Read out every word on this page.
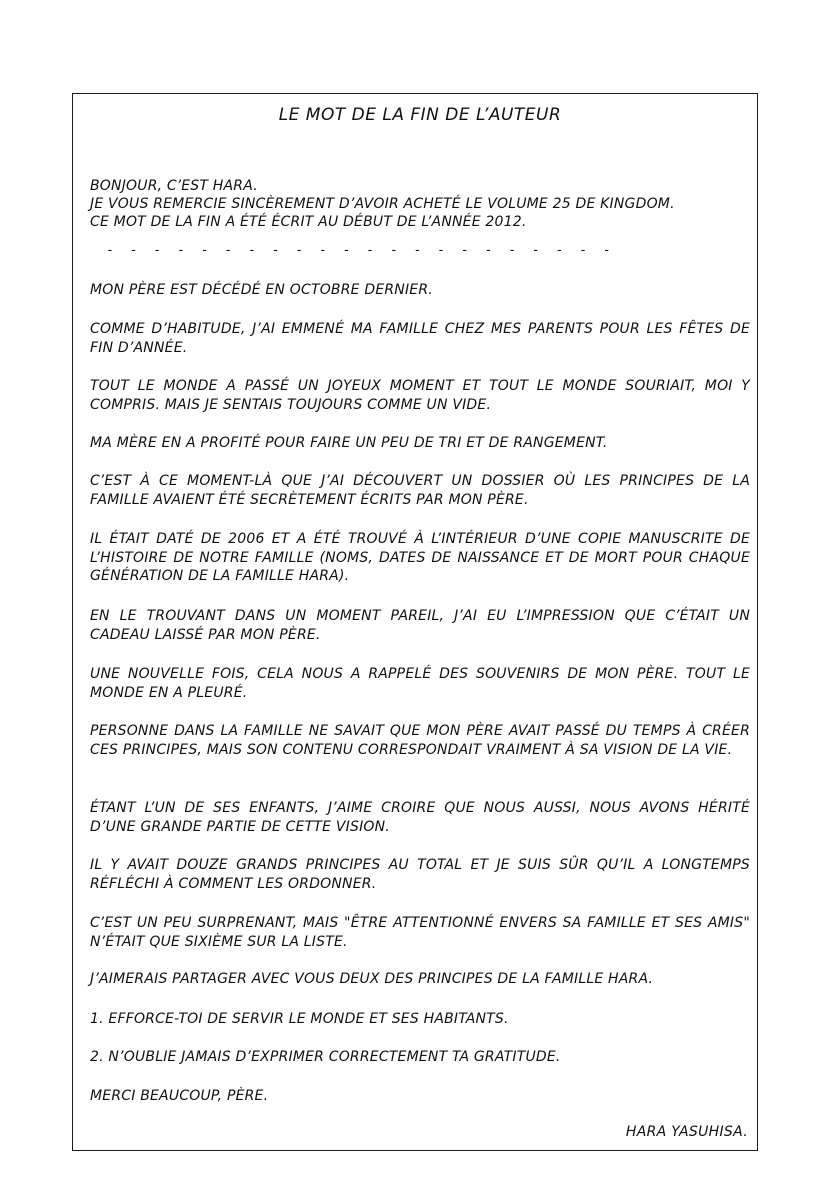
LE MOT DE LA FIN DE L’AUTEUR
BONJOUR, C’EST HARA.
JE VOUS REMERCIE SINCÈREMENT D’AVOIR ACHETÉ LE VOLUME 25 DE KINGDOM.
CE MOT DE LA FIN A ÉTÉ ÉCRIT AU DÉBUT DE L’ANNÉE 2012.
- - - - - - - - - - - - - - - - - - - - - -
MON PÈRE EST DÉCÉDÉ EN OCTOBRE DERNIER.
COMME D’HABITUDE, J’AI EMMENÉ MA FAMILLE CHEZ MES PARENTS POUR LES FÊTES DE FIN D’ANNÉE.
TOUT LE MONDE A PASSÉ UN JOYEUX MOMENT ET TOUT LE MONDE SOURIAIT, MOI Y COMPRIS. MAIS JE SENTAIS TOUJOURS COMME UN VIDE.
MA MÈRE EN A PROFITÉ POUR FAIRE UN PEU DE TRI ET DE RANGEMENT.
C’EST À CE MOMENT-LÀ QUE J’AI DÉCOUVERT UN DOSSIER OÙ LES PRINCIPES DE LA FAMILLE AVAIENT ÉTÉ SECRÈTEMENT ÉCRITS PAR MON PÈRE.
IL ÉTAIT DATÉ DE 2006 ET A ÉTÉ TROUVÉ À L’INTÉRIEUR D’UNE COPIE MANUSCRITE DE L’HISTOIRE DE NOTRE FAMILLE (NOMS, DATES DE NAISSANCE ET DE MORT POUR CHAQUE GÉNÉRATION DE LA FAMILLE HARA).
EN LE TROUVANT DANS UN MOMENT PAREIL, J’AI EU L’IMPRESSION QUE C’ÉTAIT UN CADEAU LAISSÉ PAR MON PÈRE.
UNE NOUVELLE FOIS, CELA NOUS A RAPPELÉ DES SOUVENIRS DE MON PÈRE. TOUT LE MONDE EN A PLEURÉ.
PERSONNE DANS LA FAMILLE NE SAVAIT QUE MON PÈRE AVAIT PASSÉ DU TEMPS À CRÉER CES PRINCIPES, MAIS SON CONTENU CORRESPONDAIT VRAIMENT À SA VISION DE LA VIE.
ÉTANT L’UN DE SES ENFANTS, J’AIME CROIRE QUE NOUS AUSSI, NOUS AVONS HÉRITÉ D’UNE GRANDE PARTIE DE CETTE VISION.
IL Y AVAIT DOUZE GRANDS PRINCIPES AU TOTAL ET JE SUIS SÛR QU’IL A LONGTEMPS RÉFLÉCHI À COMMENT LES ORDONNER.
C’EST UN PEU SURPRENANT, MAIS "ÊTRE ATTENTIONNÉ ENVERS SA FAMILLE ET SES AMIS" N’ÉTAIT QUE SIXIÈME SUR LA LISTE.
J’AIMERAIS PARTAGER AVEC VOUS DEUX DES PRINCIPES DE LA FAMILLE HARA.
1. EFFORCE-TOI DE SERVIR LE MONDE ET SES HABITANTS.
2. N’OUBLIE JAMAIS D’EXPRIMER CORRECTEMENT TA GRATITUDE.
MERCI BEAUCOUP, PÈRE.
HARA YASUHISA.
